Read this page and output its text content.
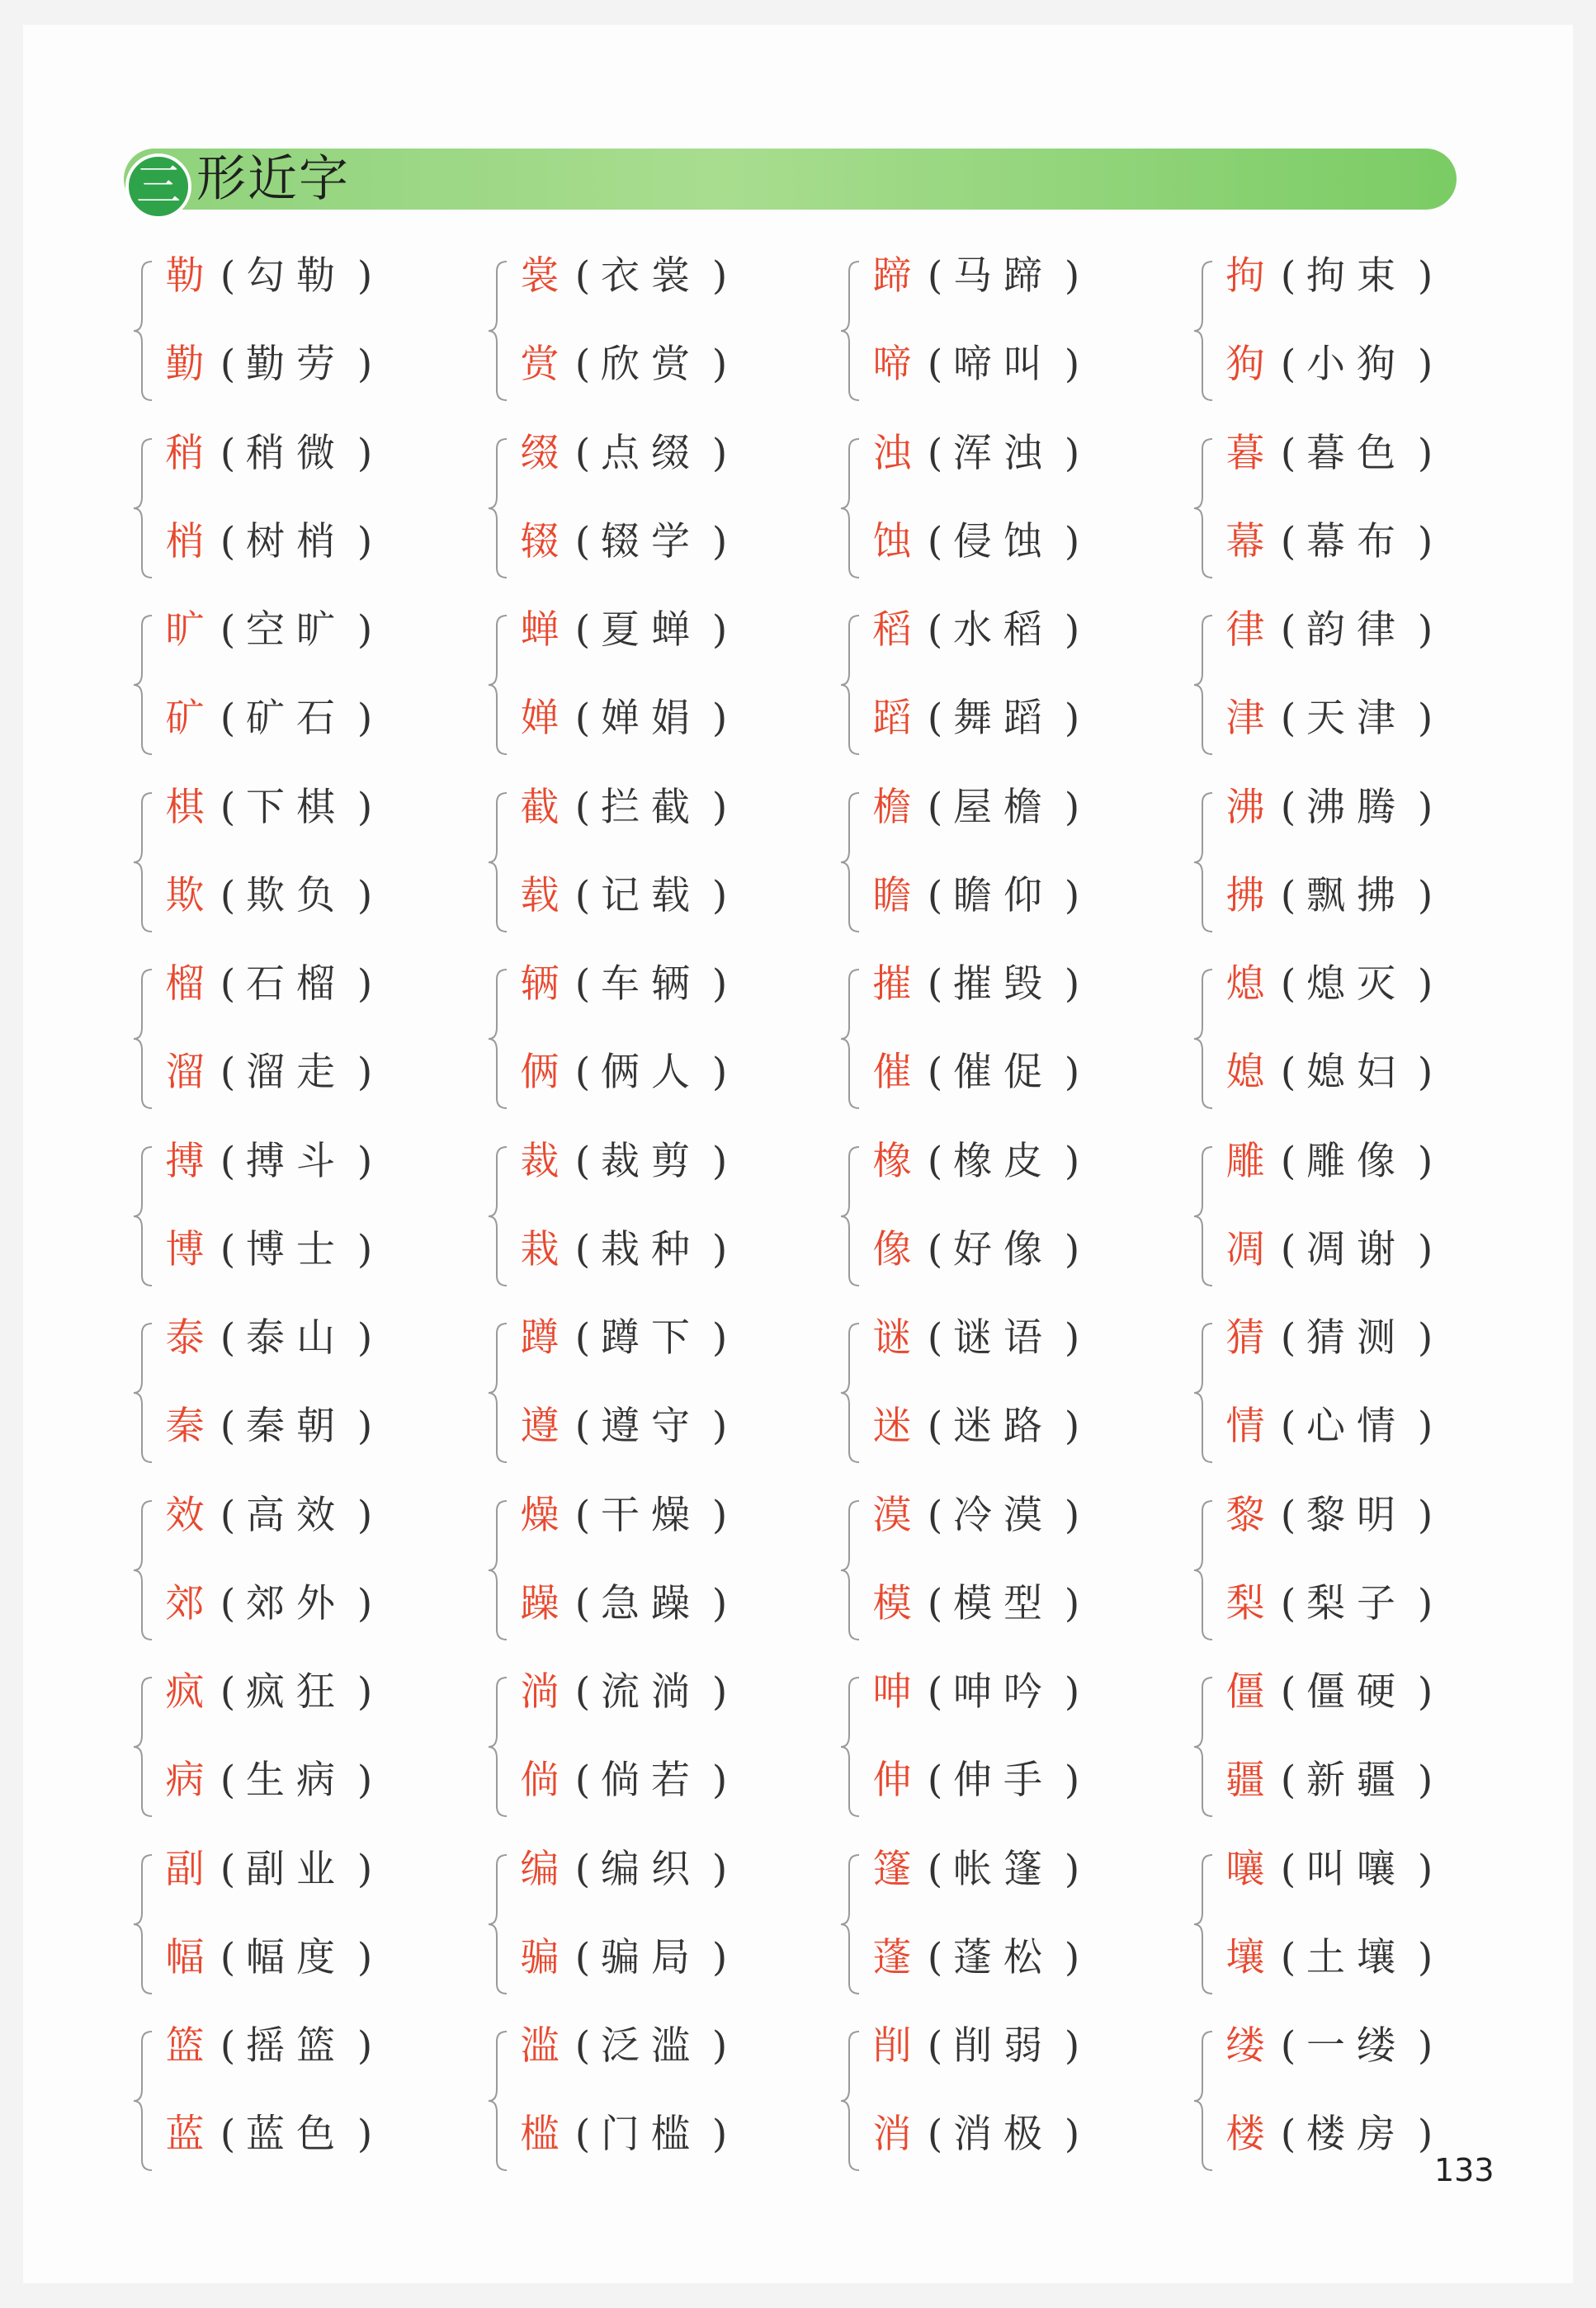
三 形近字
勒 ( 勾勒 )
勤 ( 勤劳 )
稍 ( 稍微 )
梢 ( 树梢 )
旷 ( 空旷 )
矿 ( 矿石 )
棋 ( 下棋 )
欺 ( 欺负 )
榴 ( 石榴 )
溜 ( 溜走 )
搏 ( 搏斗 )
博 ( 博士 )
泰 ( 泰山 )
秦 ( 秦朝 )
效 ( 高效 )
郊 ( 郊外 )
疯 ( 疯狂 )
病 ( 生病 )
副 ( 副业 )
幅 ( 幅度 )
篮 ( 摇篮 )
蓝 ( 蓝色 )
裳 ( 衣裳 )
赏 ( 欣赏 )
缀 ( 点缀 )
辍 ( 辍学 )
蝉 ( 夏蝉 )
婵 ( 婵娟 )
截 ( 拦截 )
载 ( 记载 )
辆 ( 车辆 )
俩 ( 俩人 )
裁 ( 裁剪 )
栽 ( 栽种 )
蹲 ( 蹲下 )
遵 ( 遵守 )
燥 ( 干燥 )
躁 ( 急躁 )
淌 ( 流淌 )
倘 ( 倘若 )
编 ( 编织 )
骗 ( 骗局 )
滥 ( 泛滥 )
槛 ( 门槛 )
蹄 ( 马蹄 )
啼 ( 啼叫 )
浊 ( 浑浊 )
蚀 ( 侵蚀 )
稻 ( 水稻 )
蹈 ( 舞蹈 )
檐 ( 屋檐 )
瞻 ( 瞻仰 )
摧 ( 摧毁 )
催 ( 催促 )
橡 ( 橡皮 )
像 ( 好像 )
谜 ( 谜语 )
迷 ( 迷路 )
漠 ( 冷漠 )
模 ( 模型 )
呻 ( 呻吟 )
伸 ( 伸手 )
篷 ( 帐篷 )
蓬 ( 蓬松 )
削 ( 削弱 )
消 ( 消极 )
拘 ( 拘束 )
狗 ( 小狗 )
暮 ( 暮色 )
幕 ( 幕布 )
律 ( 韵律 )
津 ( 天津 )
沸 ( 沸腾 )
拂 ( 飘拂 )
熄 ( 熄灭 )
媳 ( 媳妇 )
雕 ( 雕像 )
凋 ( 凋谢 )
猜 ( 猜测 )
情 ( 心情 )
黎 ( 黎明 )
梨 ( 梨子 )
僵 ( 僵硬 )
疆 ( 新疆 )
嚷 ( 叫嚷 )
壤 ( 土壤 )
缕 ( 一缕 )
楼 ( 楼房 )
133
